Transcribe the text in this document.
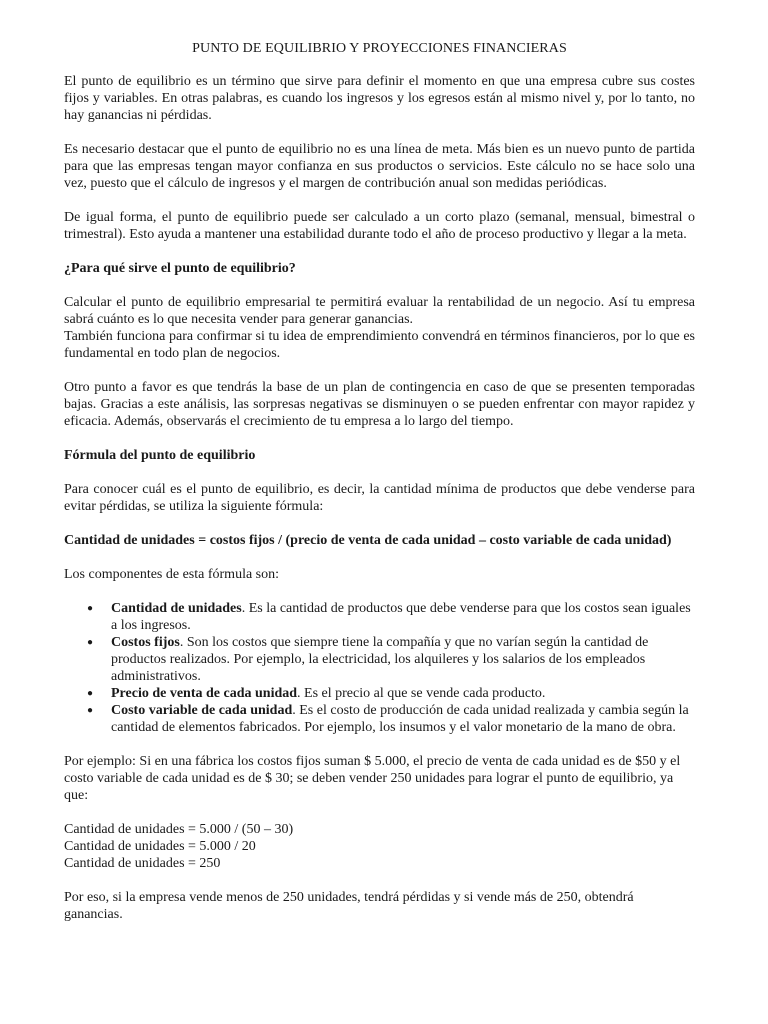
PUNTO DE EQUILIBRIO Y PROYECCIONES FINANCIERAS

El punto de equilibrio es un término que sirve para definir el momento en que una empresa cubre sus costes fijos y variables. En otras palabras, es cuando los ingresos y los egresos están al mismo nivel y, por lo tanto, no hay ganancias ni pérdidas.

Es necesario destacar que el punto de equilibrio no es una línea de meta. Más bien es un nuevo punto de partida para que las empresas tengan mayor confianza en sus productos o servicios. Este cálculo no se hace solo una vez, puesto que el cálculo de ingresos y el margen de contribución anual son medidas periódicas.

De igual forma, el punto de equilibrio puede ser calculado a un corto plazo (semanal, mensual, bimestral o trimestral). Esto ayuda a mantener una estabilidad durante todo el año de proceso productivo y llegar a la meta.

¿Para qué sirve el punto de equilibrio?

Calcular el punto de equilibrio empresarial te permitirá evaluar la rentabilidad de un negocio. Así tu empresa sabrá cuánto es lo que necesita vender para generar ganancias.

También funciona para confirmar si tu idea de emprendimiento convendrá en términos financieros, por lo que es fundamental en todo plan de negocios.

Otro punto a favor es que tendrás la base de un plan de contingencia en caso de que se presenten temporadas bajas. Gracias a este análisis, las sorpresas negativas se disminuyen o se pueden enfrentar con mayor rapidez y eficacia. Además, observarás el crecimiento de tu empresa a lo largo del tiempo.

Fórmula del punto de equilibrio

Para conocer cuál es el punto de equilibrio, es decir, la cantidad mínima de productos que debe venderse para evitar pérdidas, se utiliza la siguiente fórmula:

Cantidad de unidades = costos fijos / (precio de venta de cada unidad – costo variable de cada unidad)

Los componentes de esta fórmula son:

● Cantidad de unidades. Es la cantidad de productos que debe venderse para que los costos sean iguales a los ingresos.
● Costos fijos. Son los costos que siempre tiene la compañía y que no varían según la cantidad de productos realizados. Por ejemplo, la electricidad, los alquileres y los salarios de los empleados administrativos.
● Precio de venta de cada unidad. Es el precio al que se vende cada producto.
● Costo variable de cada unidad. Es el costo de producción de cada unidad realizada y cambia según la cantidad de elementos fabricados. Por ejemplo, los insumos y el valor monetario de la mano de obra.

Por ejemplo: Si en una fábrica los costos fijos suman $ 5.000, el precio de venta de cada unidad es de $50 y el costo variable de cada unidad es de $ 30; se deben vender 250 unidades para lograr el punto de equilibrio, ya que:

Cantidad de unidades = 5.000 / (50 – 30)
Cantidad de unidades = 5.000 / 20
Cantidad de unidades = 250

Por eso, si la empresa vende menos de 250 unidades, tendrá pérdidas y si vende más de 250, obtendrá ganancias.
